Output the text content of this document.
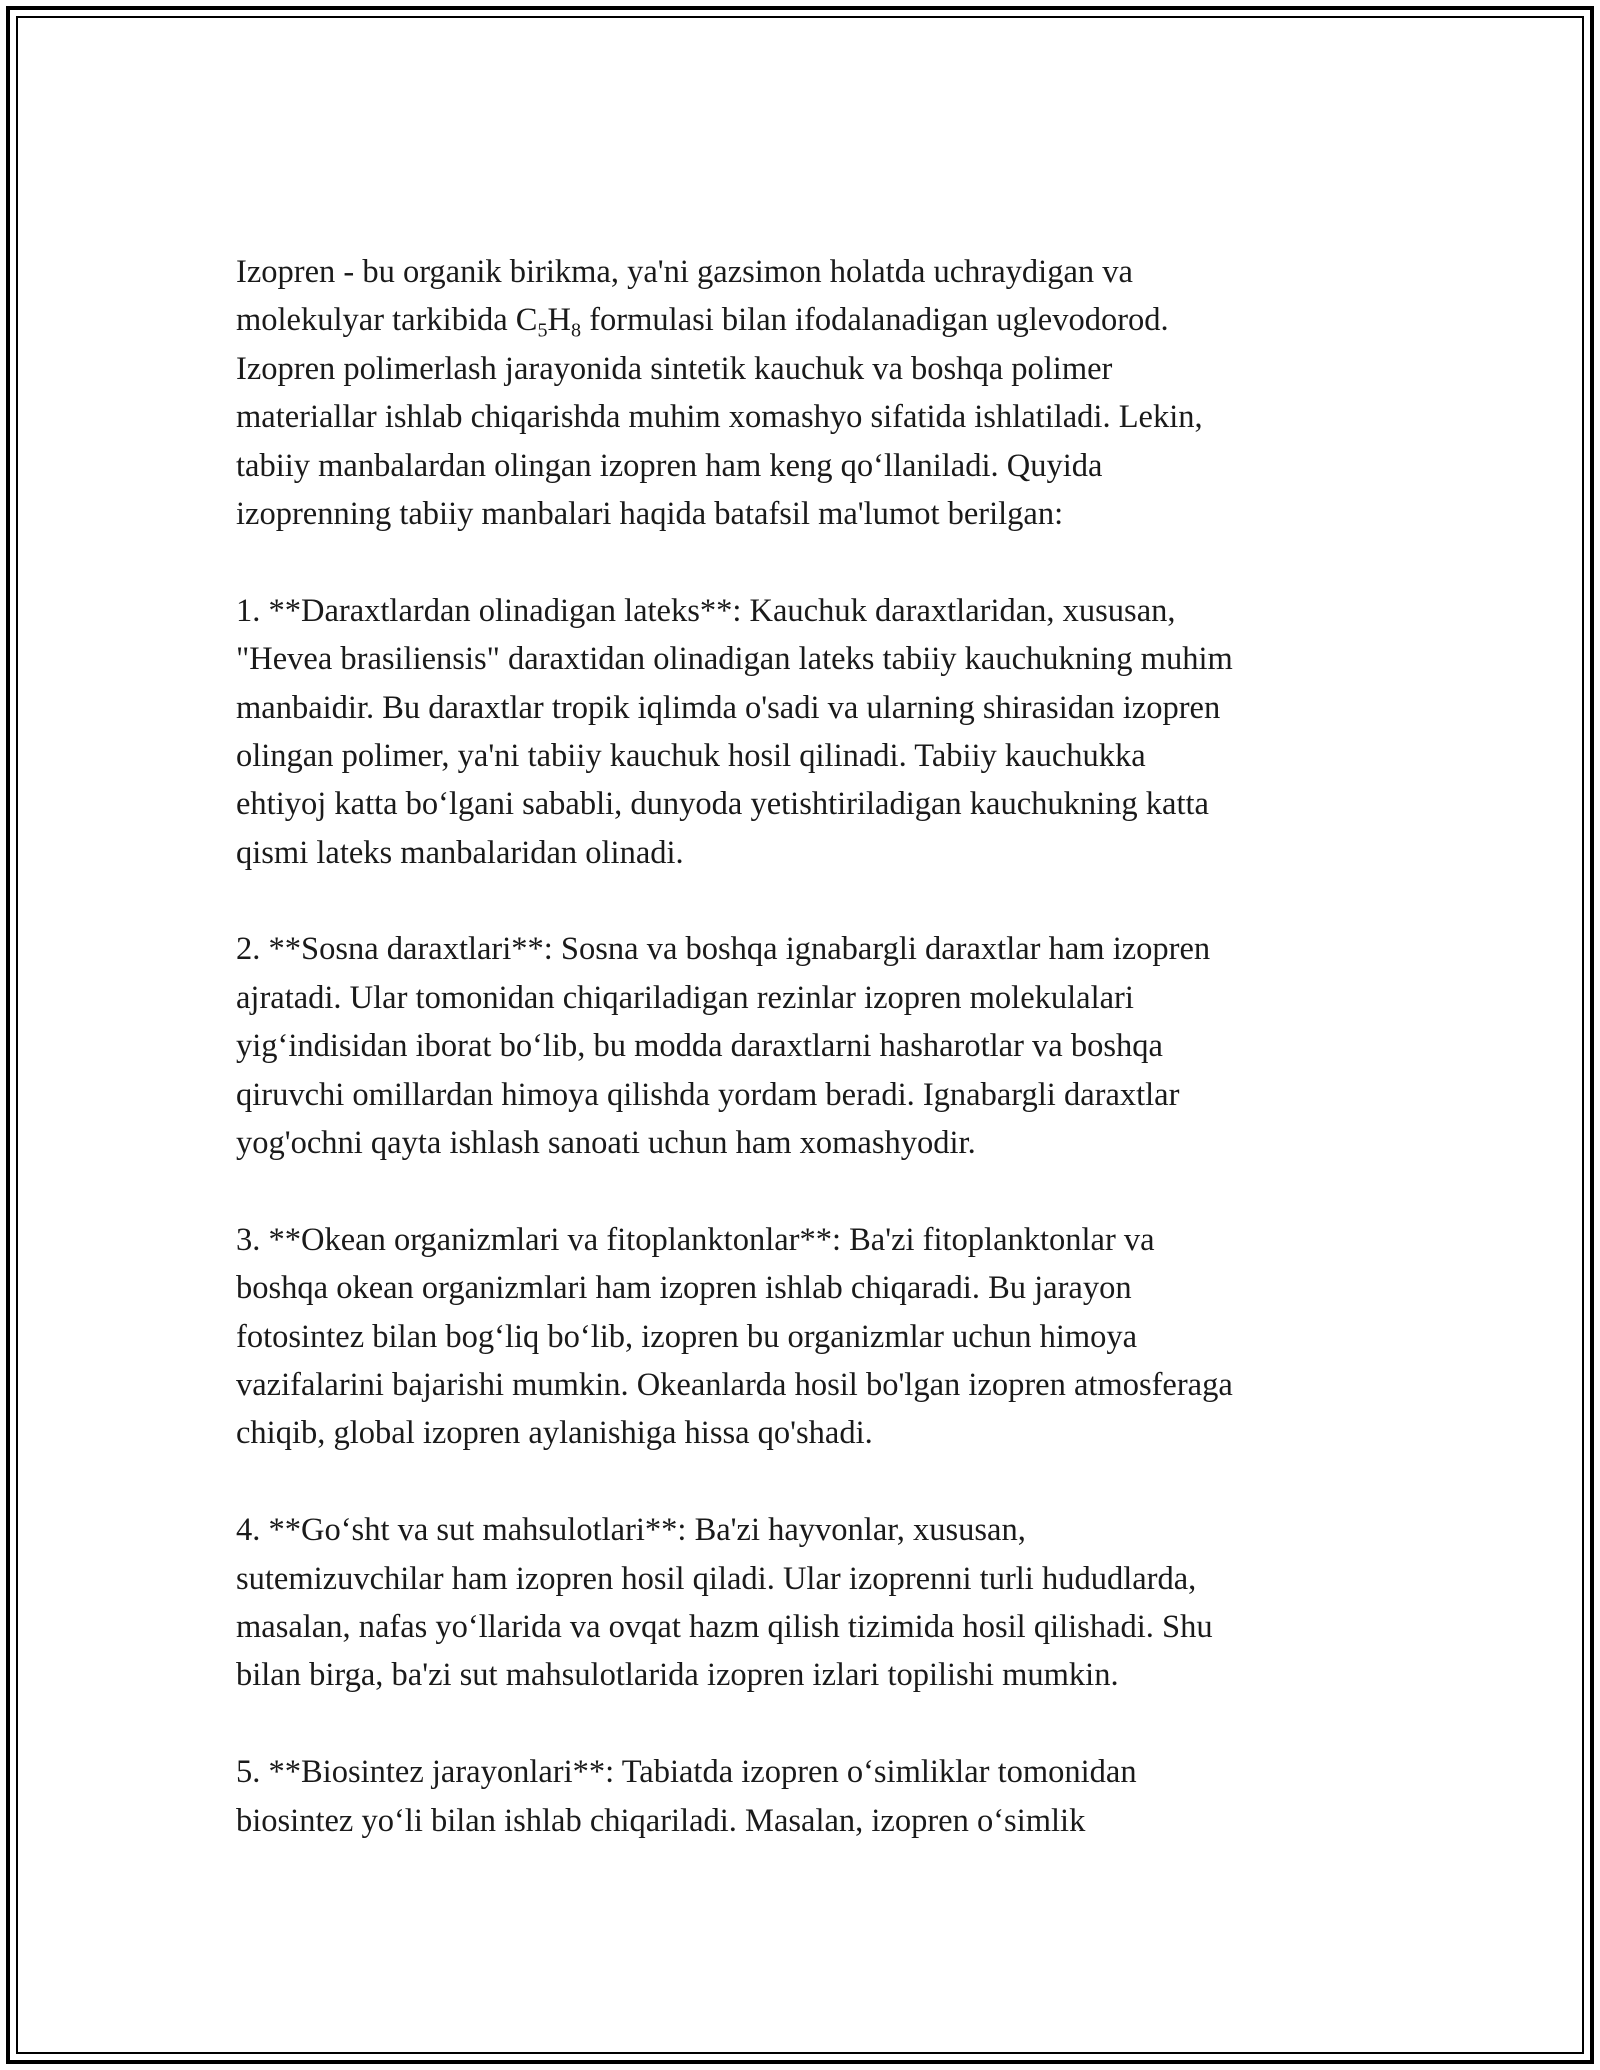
Izopren - bu organik birikma, ya'ni gazsimon holatda uchraydigan va
molekulyar tarkibida $C_5H_8$ formulasi bilan ifodalanadigan uglevodorod.
Izopren polimerlash jarayonida sintetik kauchuk va boshqa polimer
materiallar ishlab chiqarishda muhim xomashyo sifatida ishlatiladi. Lekin,
tabiiy manbalardan olingan izopren ham keng qo‘llaniladi. Quyida
izoprenning tabiiy manbalari haqida batafsil ma'lumot berilgan:
1. **Daraxtlardan olinadigan lateks**: Kauchuk daraxtlaridan, xususan,
"Hevea brasiliensis" daraxtidan olinadigan lateks tabiiy kauchukning muhim
manbaidir. Bu daraxtlar tropik iqlimda o'sadi va ularning shirasidan izopren
olingan polimer, ya'ni tabiiy kauchuk hosil qilinadi. Tabiiy kauchukka
ehtiyoj katta bo‘lgani sababli, dunyoda yetishtiriladigan kauchukning katta
qismi lateks manbalaridan olinadi.
2. **Sosna daraxtlari**: Sosna va boshqa ignabargli daraxtlar ham izopren
ajratadi. Ular tomonidan chiqariladigan rezinlar izopren molekulalari
yig‘indisidan iborat bo‘lib, bu modda daraxtlarni hasharotlar va boshqa
qiruvchi omillardan himoya qilishda yordam beradi. Ignabargli daraxtlar
yog'ochni qayta ishlash sanoati uchun ham xomashyodir.
3. **Okean organizmlari va fitoplanktonlar**: Ba'zi fitoplanktonlar va
boshqa okean organizmlari ham izopren ishlab chiqaradi. Bu jarayon
fotosintez bilan bog‘liq bo‘lib, izopren bu organizmlar uchun himoya
vazifalarini bajarishi mumkin. Okeanlarda hosil bo'lgan izopren atmosferaga
chiqib, global izopren aylanishiga hissa qo'shadi.
4. **Go‘sht va sut mahsulotlari**: Ba'zi hayvonlar, xususan,
sutemizuvchilar ham izopren hosil qiladi. Ular izoprenni turli hududlarda,
masalan, nafas yo‘llarida va ovqat hazm qilish tizimida hosil qilishadi. Shu
bilan birga, ba'zi sut mahsulotlarida izopren izlari topilishi mumkin.
5. **Biosintez jarayonlari**: Tabiatda izopren o‘simliklar tomonidan
biosintez yo‘li bilan ishlab chiqariladi. Masalan, izopren o‘simlik
